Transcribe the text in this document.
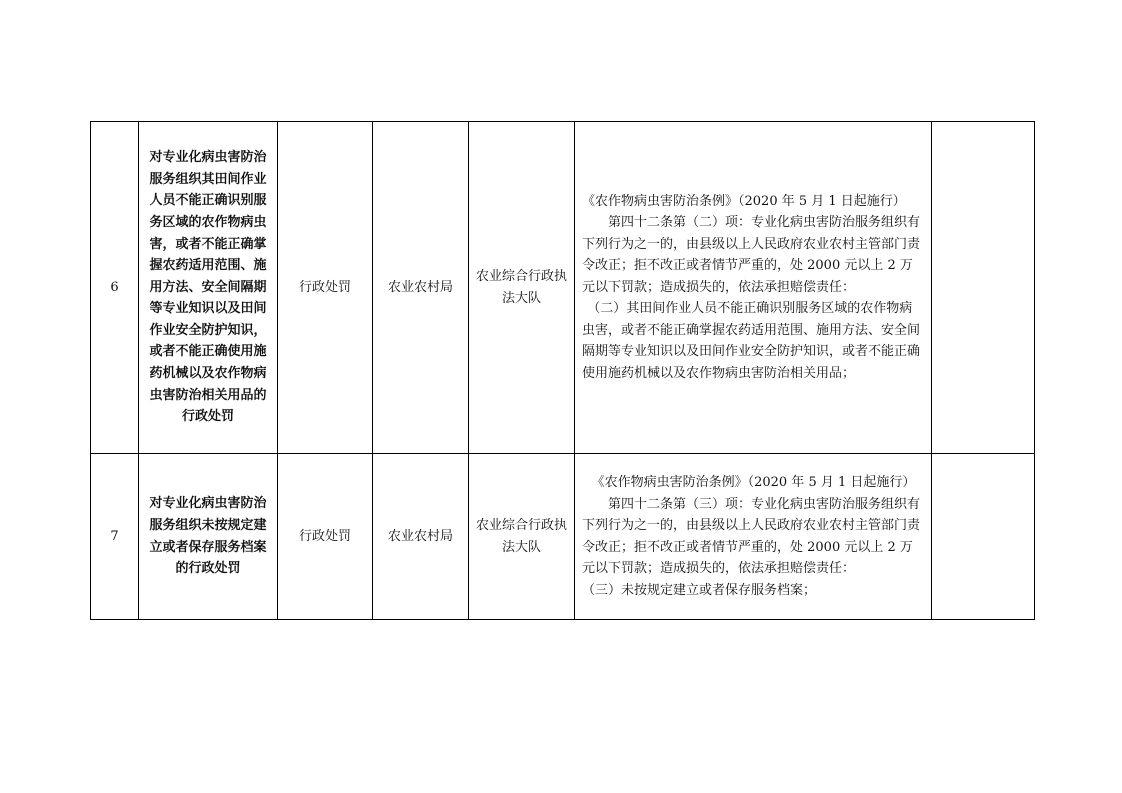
6	对专业化病虫害防治服务组织其田间作业人员不能正确识别服务区域的农作物病虫害，或者不能正确掌握农药适用范围、施用方法、安全间隔期等专业知识以及田间作业安全防护知识，或者不能正确使用施药机械以及农作物病虫害防治相关用品的行政处罚	行政处罚	农业农村局	农业综合行政执法大队	《农作物病虫害防治条例》（2020 年 5 月 1 日起施行）

第四十二条第（二）项：专业化病虫害防治服务组织有下列行为之一的，由县级以上人民政府农业农村主管部门责令改正；拒不改正或者情节严重的，处 2000 元以上 2 万元以下罚款；造成损失的，依法承担赔偿责任：

（二）其田间作业人员不能正确识别服务区域的农作物病虫害，或者不能正确掌握农药适用范围、施用方法、安全间隔期等专业知识以及田间作业安全防护知识，或者不能正确使用施药机械以及农作物病虫害防治相关用品；	

7	对专业化病虫害防治服务组织未按规定建立或者保存服务档案的行政处罚	行政处罚	农业农村局	农业综合行政执法大队	《农作物病虫害防治条例》（2020 年 5 月 1 日起施行）

第四十二条第（三）项：专业化病虫害防治服务组织有下列行为之一的，由县级以上人民政府农业农村主管部门责令改正；拒不改正或者情节严重的，处 2000 元以上 2 万元以下罚款；造成损失的，依法承担赔偿责任：

（三）未按规定建立或者保存服务档案；	
